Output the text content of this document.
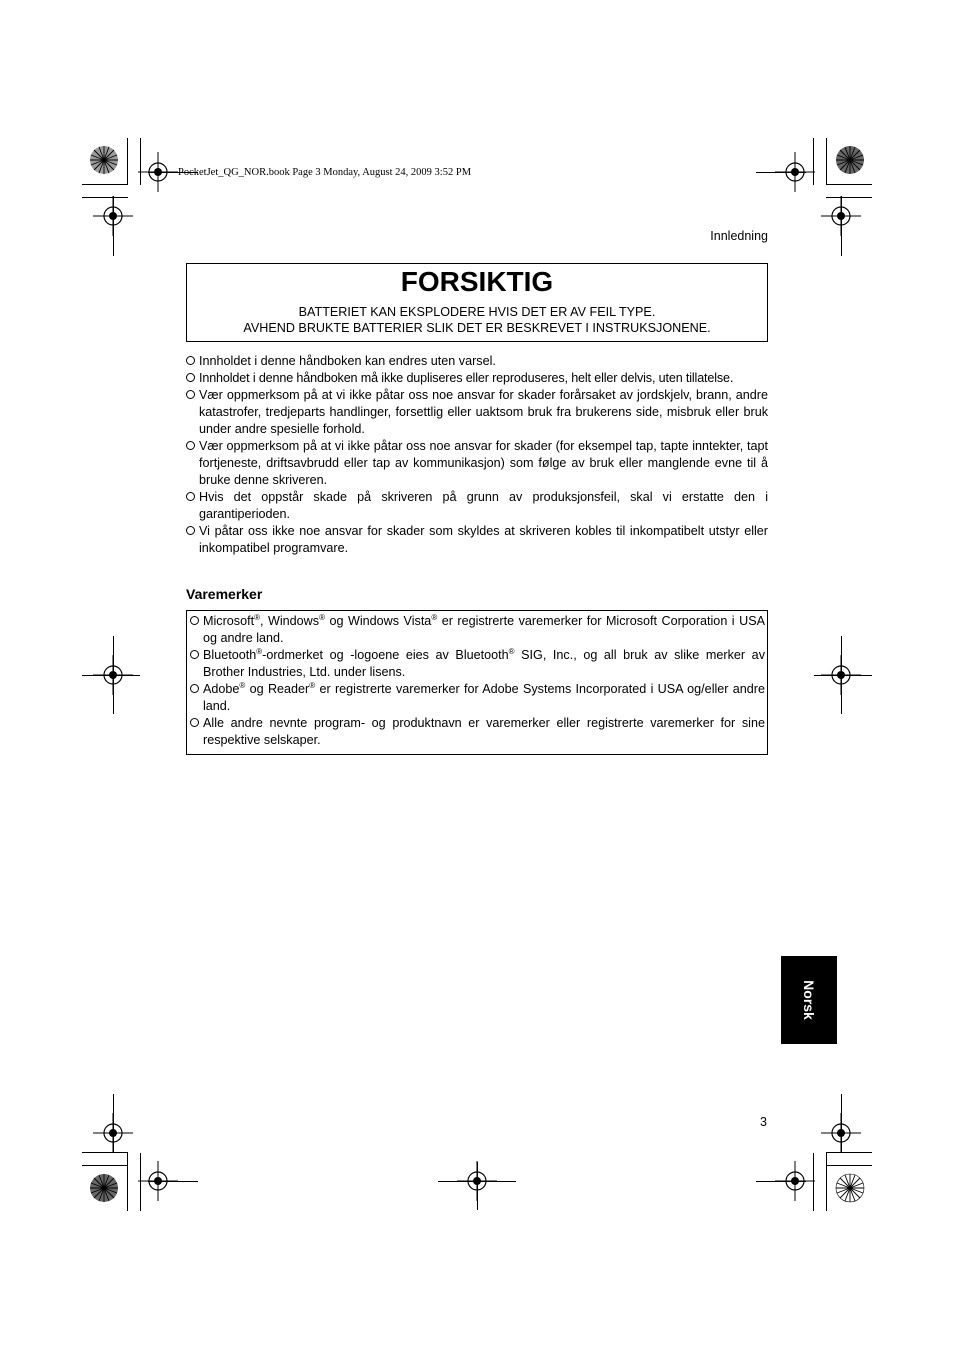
PocketJet_QG_NOR.book Page 3 Monday, August 24, 2009 3:52 PM
Innledning
FORSIKTIG
BATTERIET KAN EKSPLODERE HVIS DET ER AV FEIL TYPE.
AVHEND BRUKTE BATTERIER SLIK DET ER BESKREVET I INSTRUKSJONENE.
Innholdet i denne håndboken kan endres uten varsel.
Innholdet i denne håndboken må ikke dupliseres eller reproduseres, helt eller delvis, uten tillatelse.
Vær oppmerksom på at vi ikke påtar oss noe ansvar for skader forårsaket av jordskjelv, brann, andre katastrofer, tredjeparts handlinger, forsettlig eller uaktsom bruk fra brukerens side, misbruk eller bruk under andre spesielle forhold.
Vær oppmerksom på at vi ikke påtar oss noe ansvar for skader (for eksempel tap, tapte inntekter, tapt fortjeneste, driftsavbrudd eller tap av kommunikasjon) som følge av bruk eller manglende evne til å bruke denne skriveren.
Hvis det oppstår skade på skriveren på grunn av produksjonsfeil, skal vi erstatte den i garantiperioden.
Vi påtar oss ikke noe ansvar for skader som skyldes at skriveren kobles til inkompatibelt utstyr eller inkompatibel programvare.
Varemerker
Microsoft®, Windows® og Windows Vista® er registrerte varemerker for Microsoft Corporation i USA og andre land.
Bluetooth®-ordmerket og -logoene eies av Bluetooth® SIG, Inc., og all bruk av slike merker av Brother Industries, Ltd. under lisens.
Adobe® og Reader® er registrerte varemerker for Adobe Systems Incorporated i USA og/eller andre land.
Alle andre nevnte program- og produktnavn er varemerker eller registrerte varemerker for sine respektive selskaper.
Norsk
3
